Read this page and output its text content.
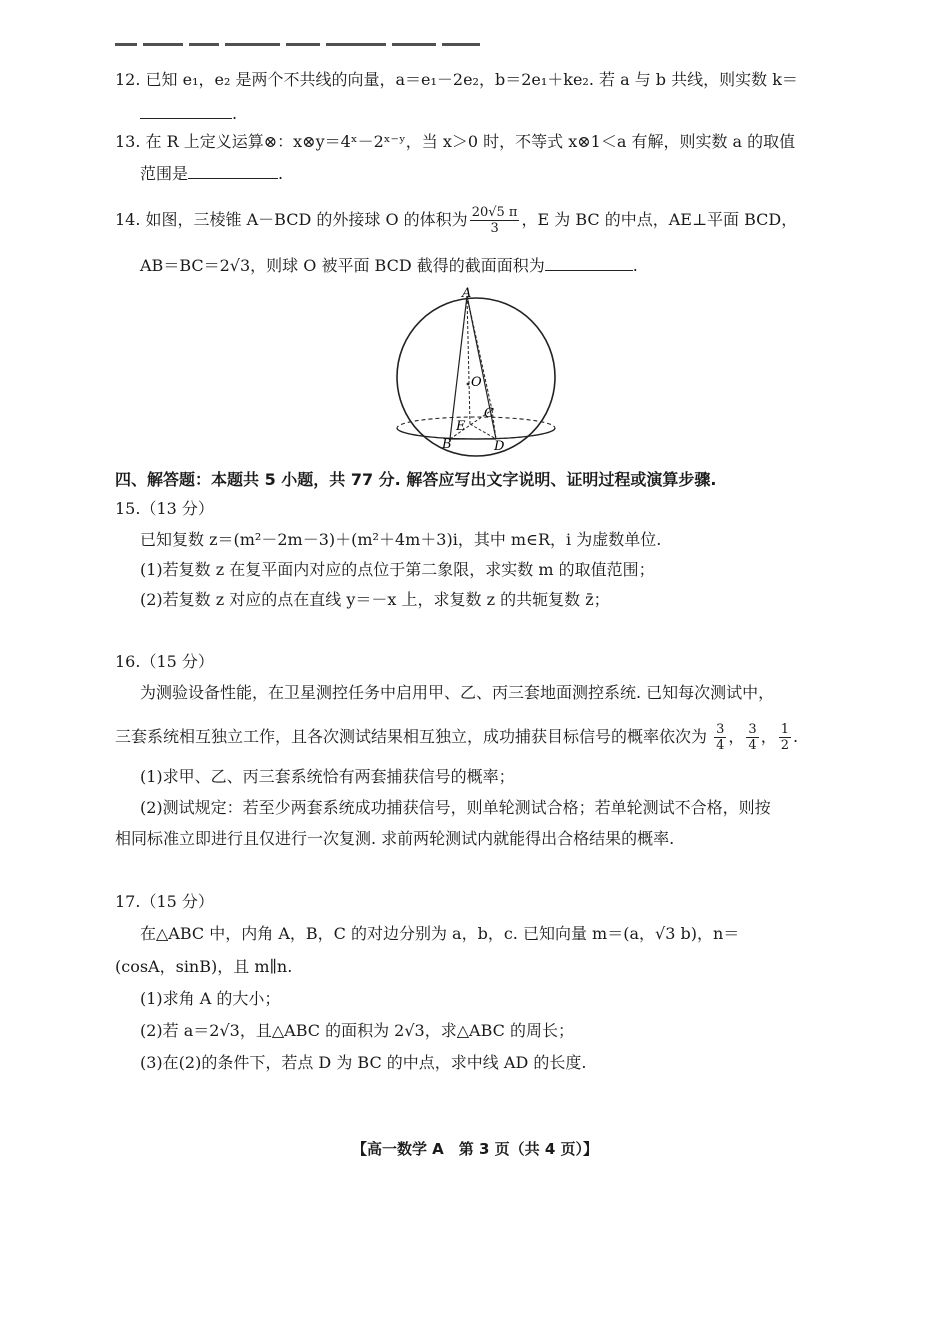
12. 已知 e₁，e₂ 是两个不共线的向量，a＝e₁－2e₂，b＝2e₁＋ke₂. 若 a 与 b 共线，则实数 k＝
.
13. 在 R 上定义运算⊗：x⊗y＝4ˣ－2ˣ⁻ʸ，当 x＞0 时，不等式 x⊗1＜a 有解，则实数 a 的取值
范围是	.
14. 如图，三棱锥 A－BCD 的外接球 O 的体积为 $\frac{20√5 \pi}{3}$ ，E 为 BC 的中点，AE⊥平面 BCD，
AB＝BC＝2√3，则球 O 被平面 BCD 截得的截面面积为	.
A
O
C
E
B	D
四、解答题：本题共 5 小题，共 77 分. 解答应写出文字说明、证明过程或演算步骤.
15.（13 分）
已知复数 z＝(m²－2m－3)＋(m²＋4m＋3)i，其中 m∈R，i 为虚数单位.
(1)若复数 z 在复平面内对应的点位于第二象限，求实数 m 的取值范围；
(2)若复数 z 对应的点在直线 y＝－x 上，求复数 z 的共轭复数 z̄；
16.（15 分）
为测验设备性能，在卫星测控任务中启用甲、乙、丙三套地面测控系统. 已知每次测试中，
三套系统相互独立工作，且各次测试结果相互独立，成功捕获目标信号的概率依次为 $\frac{3}{4}$ ， $\frac{3}{4}$ ， $\frac{1}{2}$ .
(1)求甲、乙、丙三套系统恰有两套捕获信号的概率；
(2)测试规定：若至少两套系统成功捕获信号，则单轮测试合格；若单轮测试不合格，则按
相同标准立即进行且仅进行一次复测. 求前两轮测试内就能得出合格结果的概率.
17.（15 分）
在△ABC 中，内角 A，B，C 的对边分别为 a，b，c. 已知向量 m＝(a，√3 b)，n＝
(cosA，sinB)，且 m∥n.
(1)求角 A 的大小；
(2)若 a＝2√3，且△ABC 的面积为 2√3，求△ABC 的周长；
(3)在(2)的条件下，若点 D 为 BC 的中点，求中线 AD 的长度.
【高一数学 A　第 3 页（共 4 页）】
